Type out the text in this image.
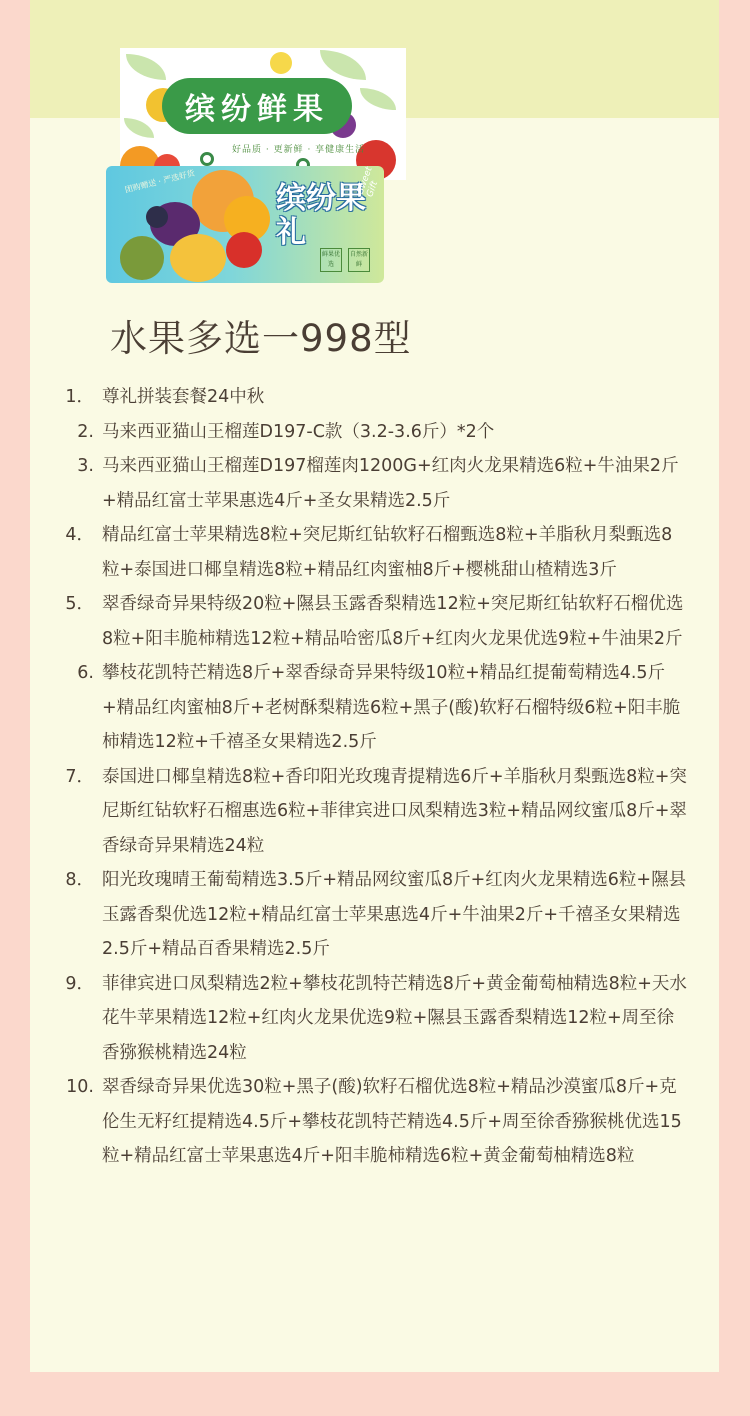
缤纷鲜果
好品质 · 更新鲜 · 享健康生活
团购赠送 · 严选好货	缤纷果礼
Sweet Gift
鲜果优选
自然新鲜
水果多选一998型
1． 尊礼拼装套餐24中秋
2. 马来西亚猫山王榴莲D197-C款（3.2-3.6斤）*2个
3. 马来西亚猫山王榴莲D197榴莲肉1200G+红肉火龙果精选6粒+牛油果2斤+精品红富士苹果惠选4斤+圣女果精选2.5斤
4． 精品红富士苹果精选8粒+突尼斯红钻软籽石榴甄选8粒+羊脂秋月梨甄选8粒+泰国进口椰皇精选8粒+精品红肉蜜柚8斤+樱桃甜山楂精选3斤
5． 翠香绿奇异果特级20粒+隰县玉露香梨精选12粒+突尼斯红钻软籽石榴优选8粒+阳丰脆柿精选12粒+精品哈密瓜8斤+红肉火龙果优选9粒+牛油果2斤
6. 攀枝花凯特芒精选8斤+翠香绿奇异果特级10粒+精品红提葡萄精选4.5斤+精品红肉蜜柚8斤+老树酥梨精选6粒+黑子(酸)软籽石榴特级6粒+阳丰脆柿精选12粒+千禧圣女果精选2.5斤
7． 泰国进口椰皇精选8粒+香印阳光玫瑰青提精选6斤+羊脂秋月梨甄选8粒+突尼斯红钻软籽石榴惠选6粒+菲律宾进口凤梨精选3粒+精品网纹蜜瓜8斤+翠香绿奇异果精选24粒
8． 阳光玫瑰晴王葡萄精选3.5斤+精品网纹蜜瓜8斤+红肉火龙果精选6粒+隰县玉露香梨优选12粒+精品红富士苹果惠选4斤+牛油果2斤+千禧圣女果精选2.5斤+精品百香果精选2.5斤
9． 菲律宾进口凤梨精选2粒+攀枝花凯特芒精选8斤+黄金葡萄柚精选8粒+天水花牛苹果精选12粒+红肉火龙果优选9粒+隰县玉露香梨精选12粒+周至徐香猕猴桃精选24粒
10. 翠香绿奇异果优选30粒+黑子(酸)软籽石榴优选8粒+精品沙漠蜜瓜8斤+克伦生无籽红提精选4.5斤+攀枝花凯特芒精选4.5斤+周至徐香猕猴桃优选15粒+精品红富士苹果惠选4斤+阳丰脆柿精选6粒+黄金葡萄柚精选8粒
